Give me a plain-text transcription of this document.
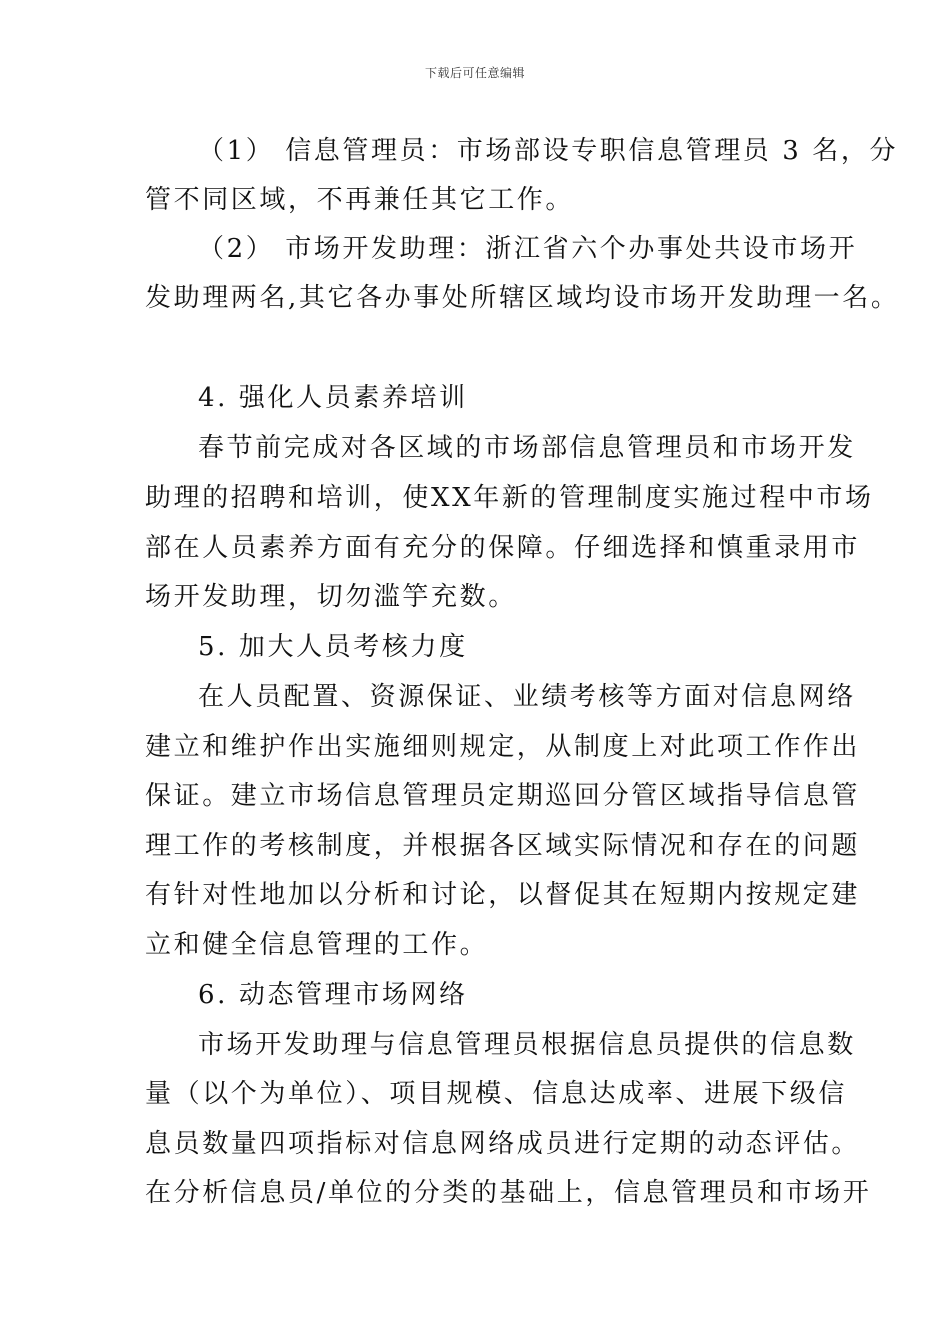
下载后可任意编辑
（1） 信息管理员：市场部设专职信息管理员 3 名，分
管不同区域，不再兼任其它工作。
（2） 市场开发助理：浙江省六个办事处共设市场开
发助理两名,其它各办事处所辖区域均设市场开发助理一名。
4. 强化人员素养培训
春节前完成对各区域的市场部信息管理员和市场开发
助理的招聘和培训，使XX年新的管理制度实施过程中市场
部在人员素养方面有充分的保障。仔细选择和慎重录用市
场开发助理，切勿滥竽充数。
5. 加大人员考核力度
在人员配置、资源保证、业绩考核等方面对信息网络
建立和维护作出实施细则规定，从制度上对此项工作作出
保证。建立市场信息管理员定期巡回分管区域指导信息管
理工作的考核制度，并根据各区域实际情况和存在的问题
有针对性地加以分析和讨论，以督促其在短期内按规定建
立和健全信息管理的工作。
6. 动态管理市场网络
市场开发助理与信息管理员根据信息员提供的信息数
量（以个为单位）、项目规模、信息达成率、进展下级信
息员数量四项指标对信息网络成员进行定期的动态评估。
在分析信息员/单位的分类的基础上，信息管理员和市场开
